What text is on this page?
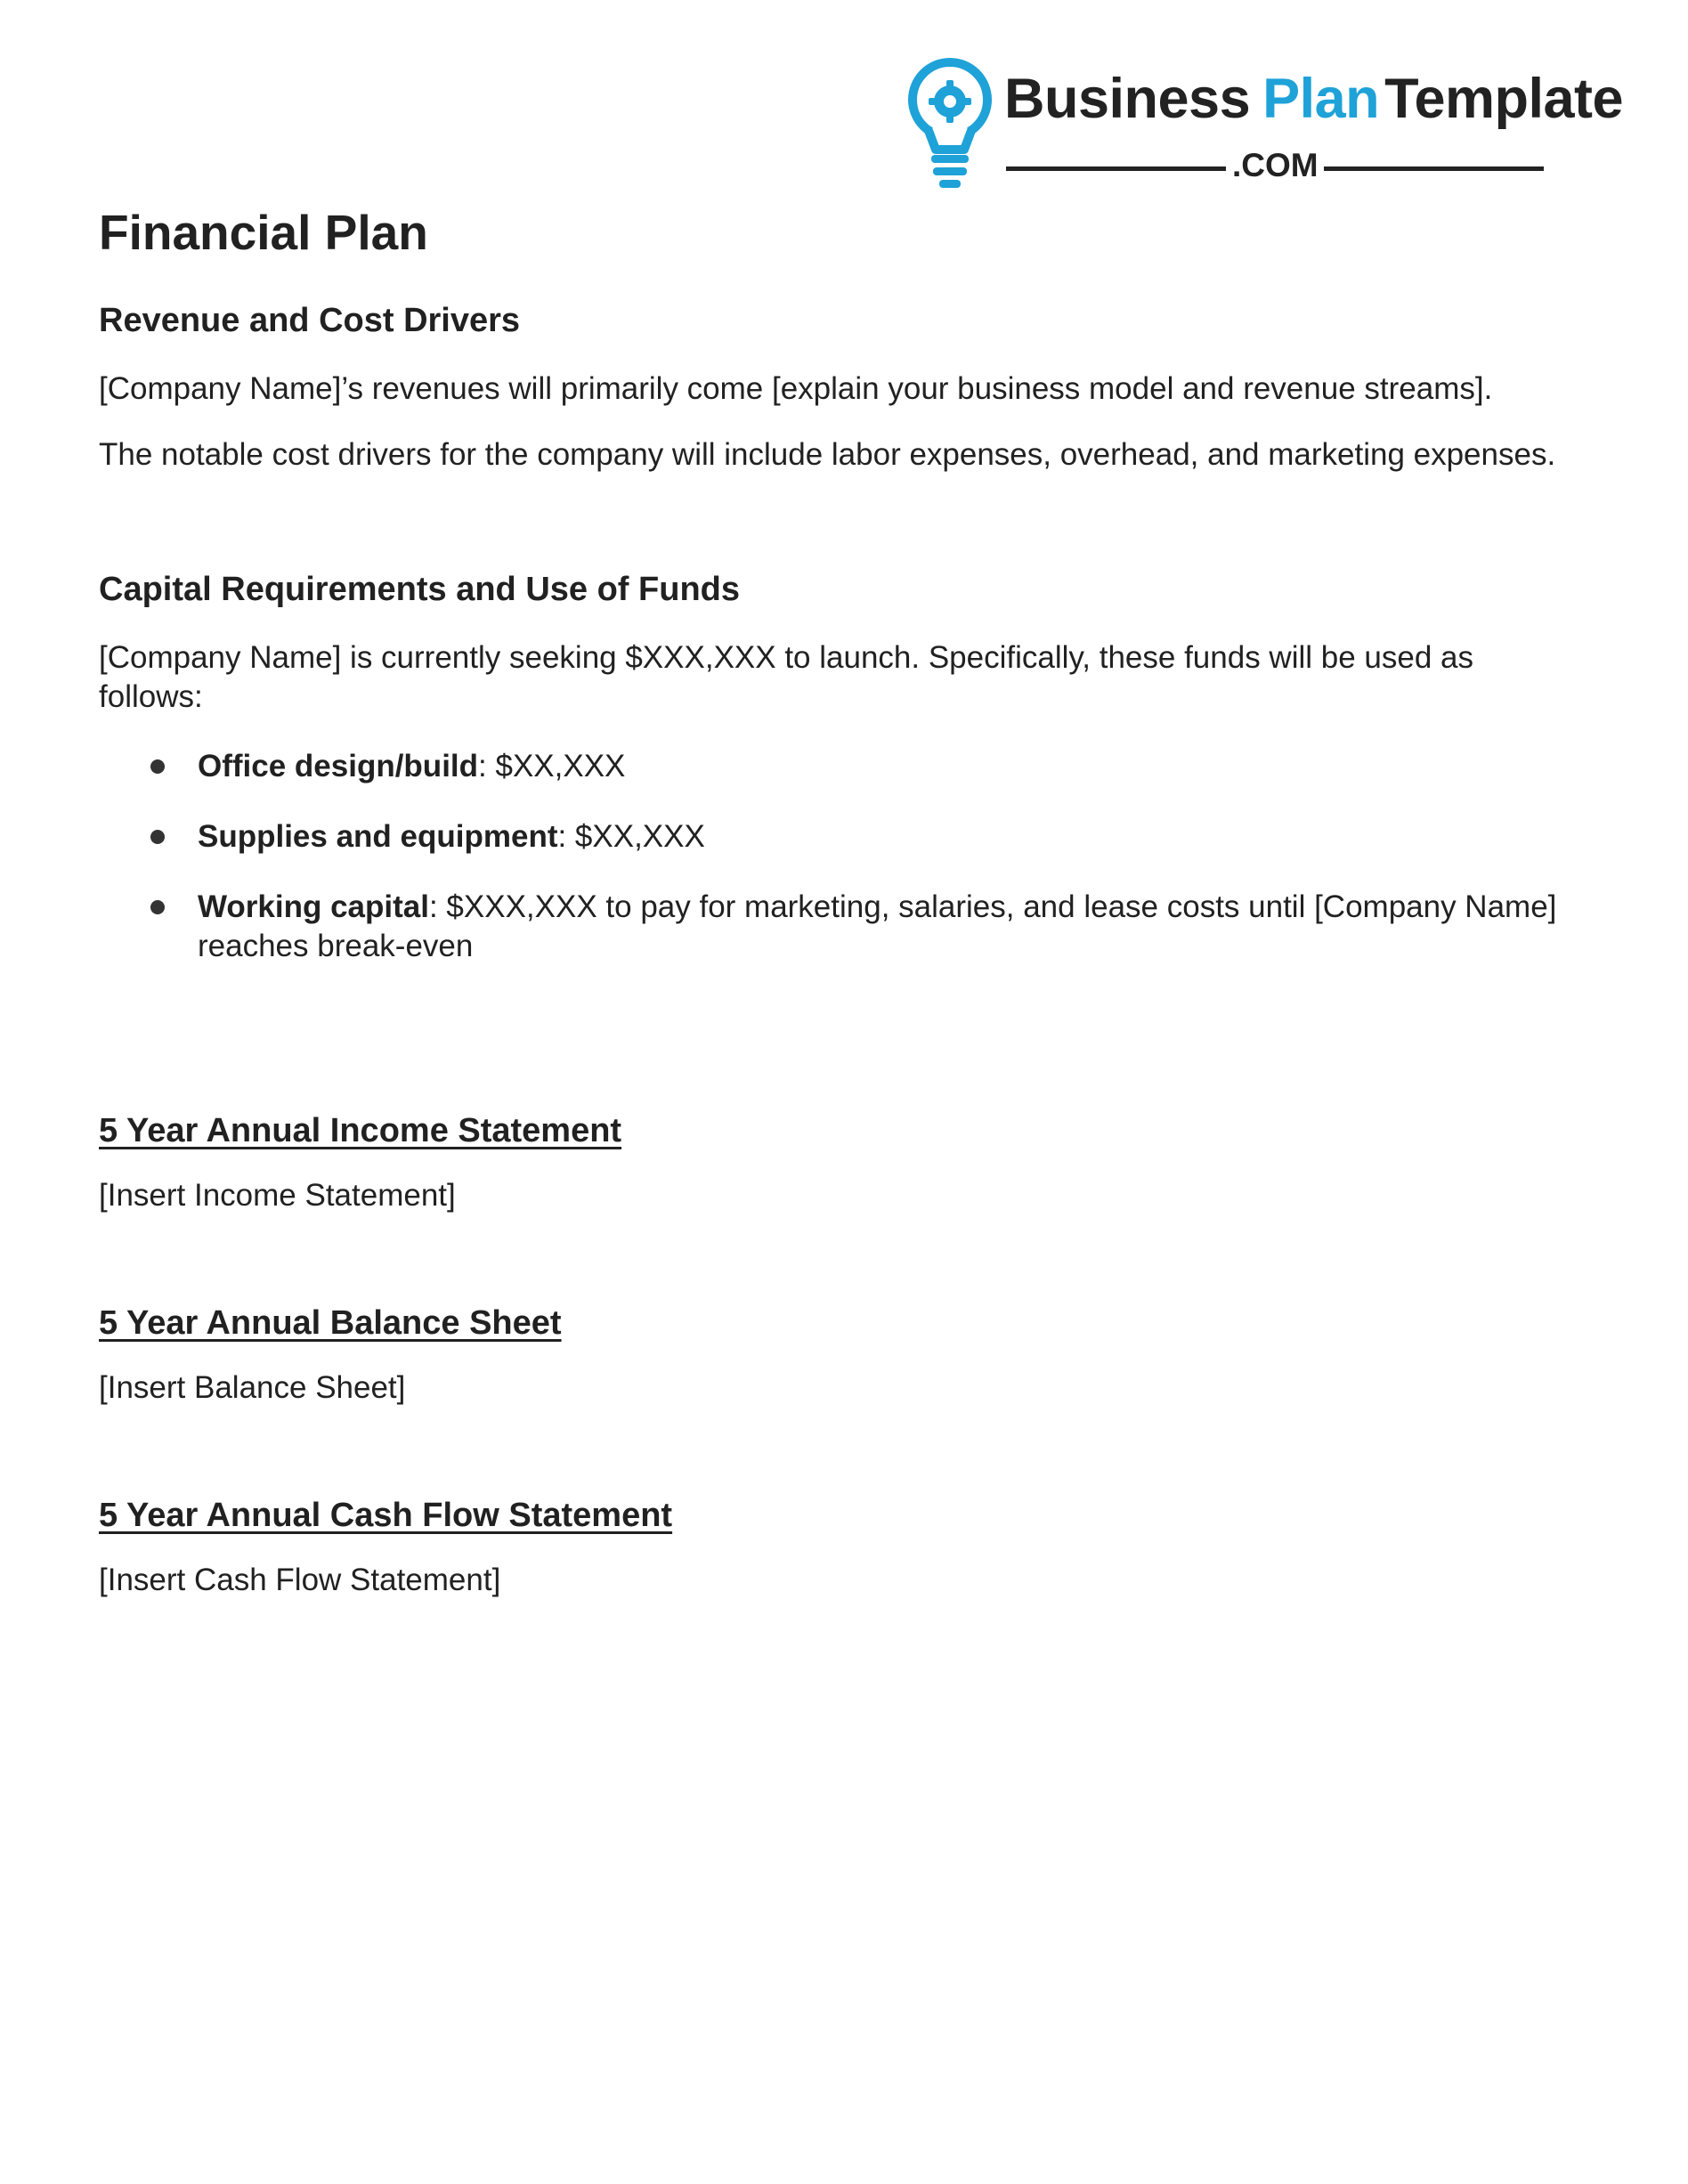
Business PlanTemplate
.COM
Financial Plan
Revenue and Cost Drivers

[Company Name]’s revenues will primarily come [explain your business model and revenue streams].

The notable cost drivers for the company will include labor expenses, overhead, and marketing expenses.

Capital Requirements and Use of Funds

[Company Name] is currently seeking $XXX,XXX to launch. Specifically, these funds will be used as follows:

Office design/build: $XX,XXX
Supplies and equipment: $XX,XXX
Working capital: $XXX,XXX to pay for marketing, salaries, and lease costs until [Company Name] reaches break-even
5 Year Annual Income Statement

[Insert Income Statement]

5 Year Annual Balance Sheet

[Insert Balance Sheet]

5 Year Annual Cash Flow Statement

[Insert Cash Flow Statement]
